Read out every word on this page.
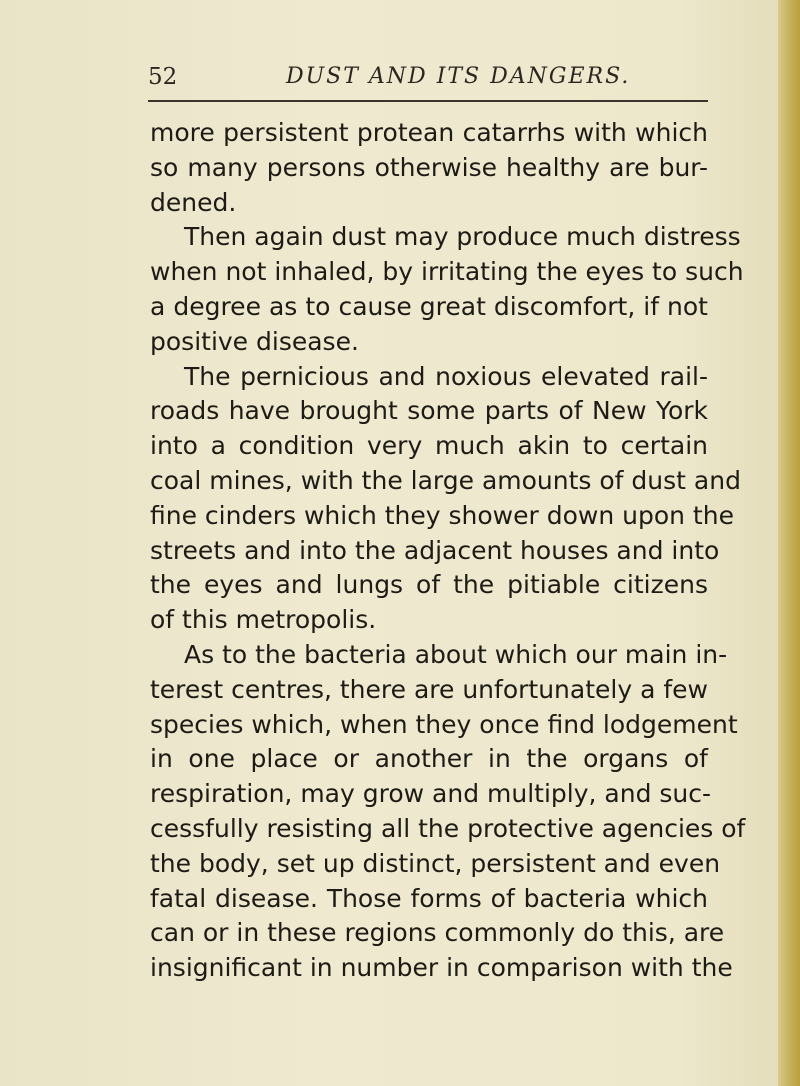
52	DUST AND ITS DANGERS.
more persistent protean catarrhs with which
so many persons otherwise healthy are bur-
dened.
Then again dust may produce much distress
when not inhaled, by irritating the eyes to such
a degree as to cause great discomfort, if not
positive disease.
The pernicious and noxious elevated rail-
roads have brought some parts of New York
into a condition very much akin to certain
coal mines, with the large amounts of dust and
fine cinders which they shower down upon the
streets and into the adjacent houses and into
the eyes and lungs of the pitiable citizens
of this metropolis.
As to the bacteria about which our main in-
terest centres, there are unfortunately a few
species which, when they once find lodgement
in one place or another in the organs of
respiration, may grow and multiply, and suc-
cessfully resisting all the protective agencies of
the body, set up distinct, persistent and even
fatal disease. Those forms of bacteria which
can or in these regions commonly do this, are
insignificant in number in comparison with the
